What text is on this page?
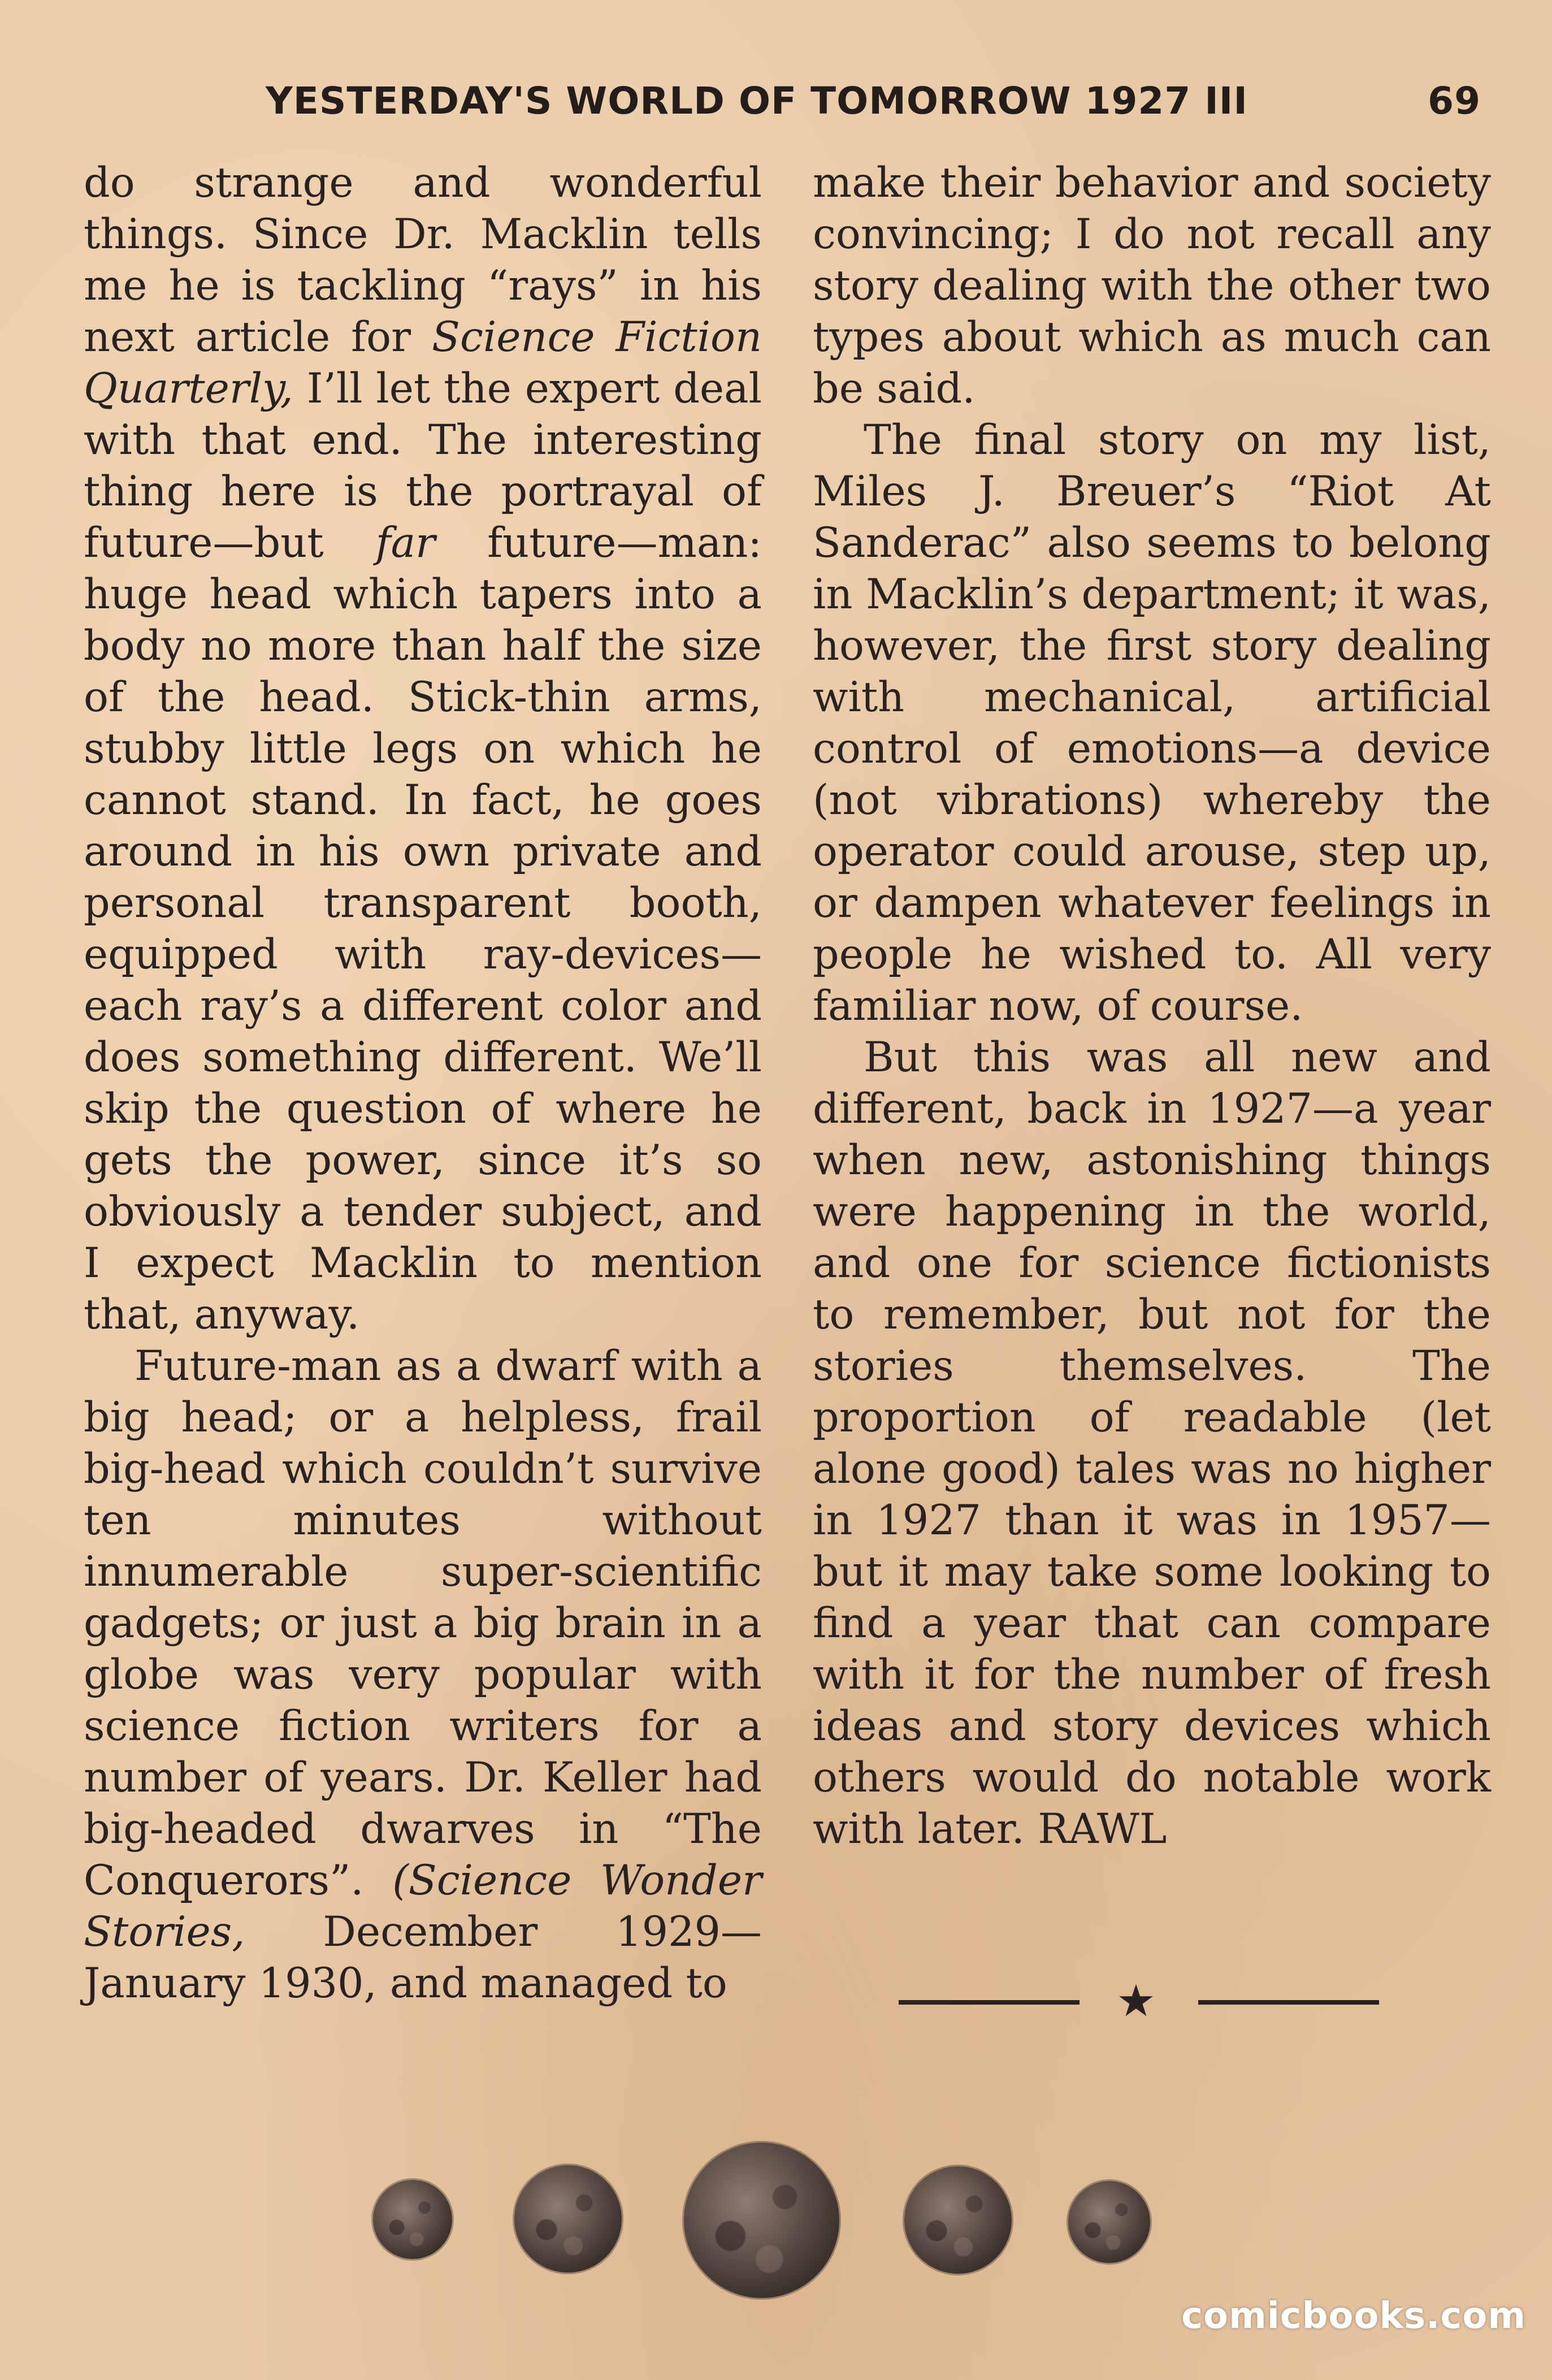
YESTERDAY'S WORLD OF TOMORROW 1927 III	69

do strange and wonderful things. Since Dr. Macklin tells me he is tackling “rays” in his next article for Science Fiction Quarterly, I’ll let the expert deal with that end. The interesting thing here is the portrayal of future—but far future—man: huge head which tapers into a body no more than half the size of the head. Stick-thin arms, stubby little legs on which he cannot stand. In fact, he goes around in his own private and personal transparent booth, equipped with ray-devices—each ray’s a different color and does something different. We’ll skip the question of where he gets the power, since it’s so obviously a tender subject, and I expect Macklin to mention that, anyway.

Future-man as a dwarf with a big head; or a helpless, frail big-head which couldn’t survive ten minutes without innumerable super-scientific gadgets; or just a big brain in a globe was very popular with science fiction writers for a number of years. Dr. Keller had big-headed dwarves in “The Conquerors”. (Science Wonder Stories, December 1929—January 1930, and managed to

make their behavior and society convincing; I do not recall any story dealing with the other two types about which as much can be said.

The final story on my list, Miles J. Breuer’s “Riot At Sanderac” also seems to belong in Macklin’s department; it was, however, the first story dealing with mechanical, artificial control of emotions—a device (not vibrations) whereby the operator could arouse, step up, or dampen whatever feelings in people he wished to. All very familiar now, of course.

But this was all new and different, back in 1927—a year when new, astonishing things were happening in the world, and one for science fictionists to remember, but not for the stories themselves. The proportion of readable (let alone good) tales was no higher in 1927 than it was in 1957—but it may take some looking to find a year that can compare with it for the number of fresh ideas and story devices which others would do notable work with later. RAWL

★
comicbooks.com
